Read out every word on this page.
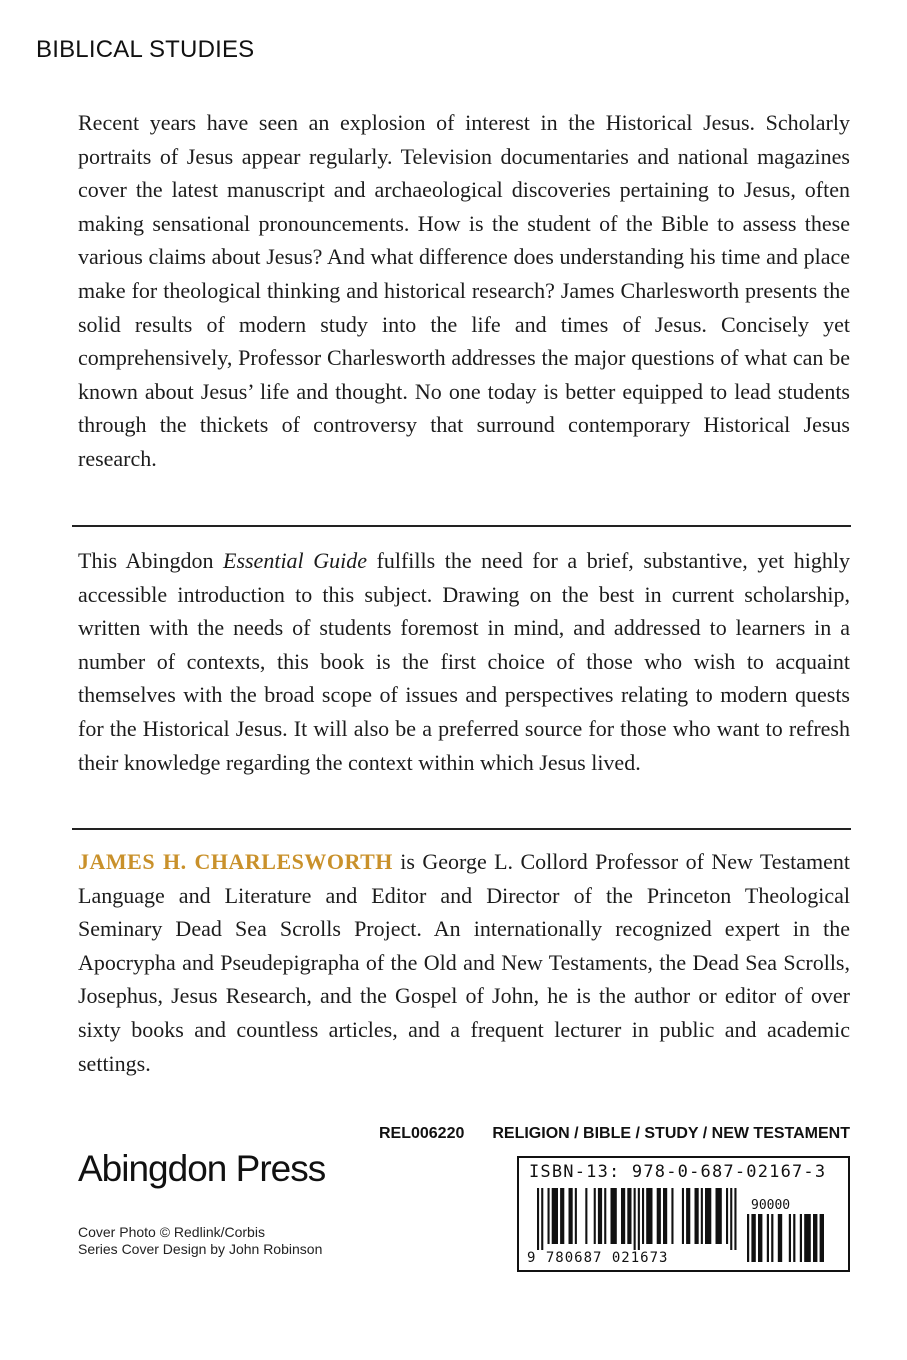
BIBLICAL STUDIES

Recent years have seen an explosion of interest in the Historical Jesus. Scholarly portraits of Jesus appear regularly. Television documentaries and national magazines cover the latest manuscript and archaeological discoveries pertaining to Jesus, often making sensational pronouncements. How is the student of the Bible to assess these various claims about Jesus? And what difference does understanding his time and place make for theological thinking and historical research? James Charlesworth presents the solid results of modern study into the life and times of Jesus. Concisely yet comprehensively, Professor Charlesworth addresses the major questions of what can be known about Jesus’ life and thought. No one today is better equipped to lead students through the thickets of controversy that surround contemporary Historical Jesus research.

This Abingdon Essential Guide fulfills the need for a brief, substantive, yet highly accessible introduction to this subject. Drawing on the best in current scholarship, written with the needs of students foremost in mind, and addressed to learners in a number of contexts, this book is the first choice of those who wish to acquaint themselves with the broad scope of issues and perspectives relating to modern quests for the Historical Jesus. It will also be a preferred source for those who want to refresh their knowledge regarding the context within which Jesus lived.

JAMES H. CHARLESWORTH is George L. Collord Professor of New Testament Language and Literature and Editor and Director of the Princeton Theological Seminary Dead Sea Scrolls Project. An internationally recognized expert in the Apocrypha and Pseudepigrapha of the Old and New Testaments, the Dead Sea Scrolls, Josephus, Jesus Research, and the Gospel of John, he is the author or editor of over sixty books and countless articles, and a frequent lecturer in public and academic settings.

REL006220 RELIGION / BIBLE / STUDY / NEW TESTAMENT
Abingdon Press
Cover Photo © Redlink/Corbis
Series Cover Design by John Robinson
ISBN-13: 978-0-687-02167-3
90000
9 780687 021673
